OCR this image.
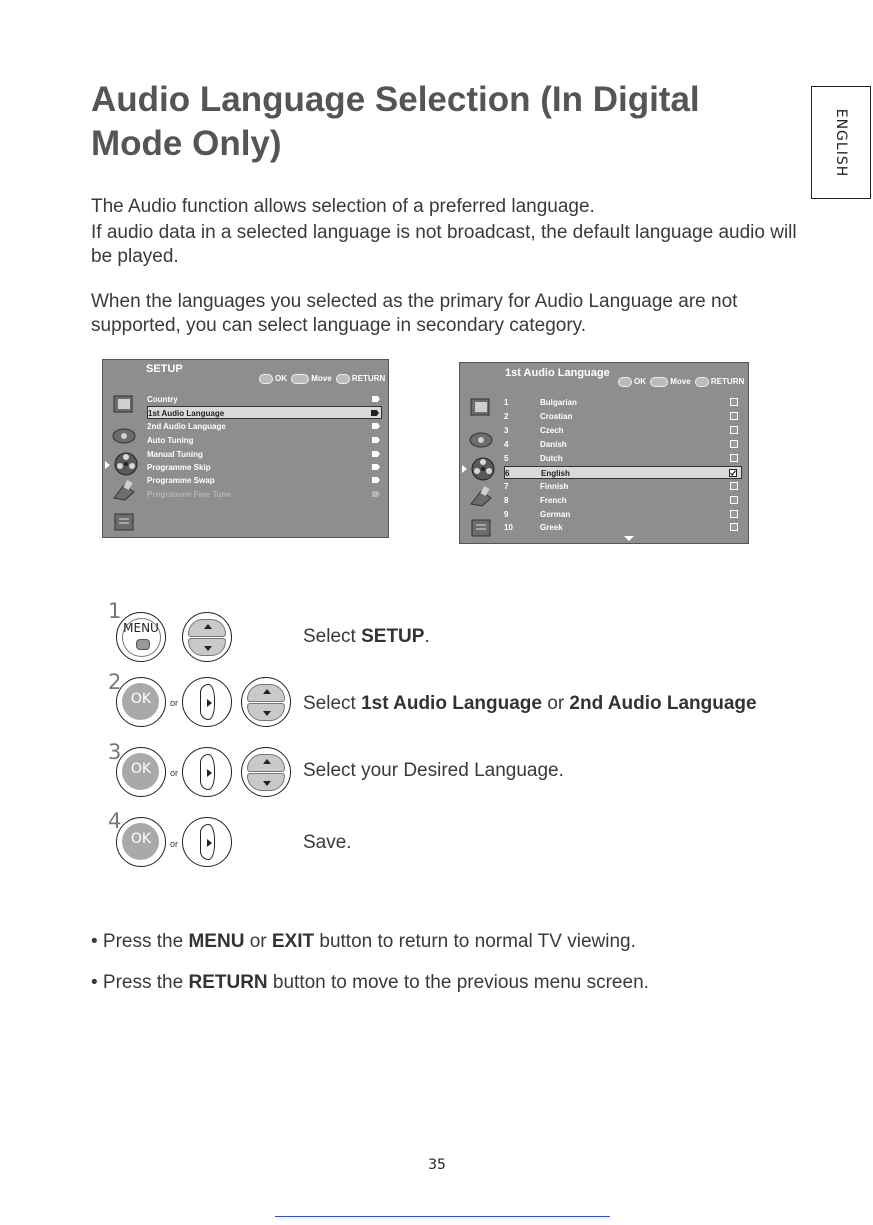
ENGLISH
Audio Language Selection (In Digital Mode Only)
The Audio function allows selection of a preferred language.
If audio data in a selected language is not broadcast, the default language audio will be played.
When the languages you selected as the primary for Audio Language are not supported, you can select language in secondary category.
SETUP
OK	Move	RETURN
Country
1st Audio Language
2nd Audio Language
Auto Tuning
Manual Tuning
Programme Skip
Programme Swap
Programme Fine Tune
1st Audio Language
OK	Move	RETURN
1	Bulgarian
2	Croatian
3	Czech
4	Danish
5	Dutch
6	English
7	Finnish
8	French
9	German
10	Greek
1
MENU	Select SETUP.
2
OK	or	Select 1st Audio Language or 2nd Audio Language
3
OK	or	Select your Desired Language.
4
OK	or	Save.
• Press the MENU or EXIT button to return to normal TV viewing.
• Press the RETURN button to move to the previous menu screen.
35
